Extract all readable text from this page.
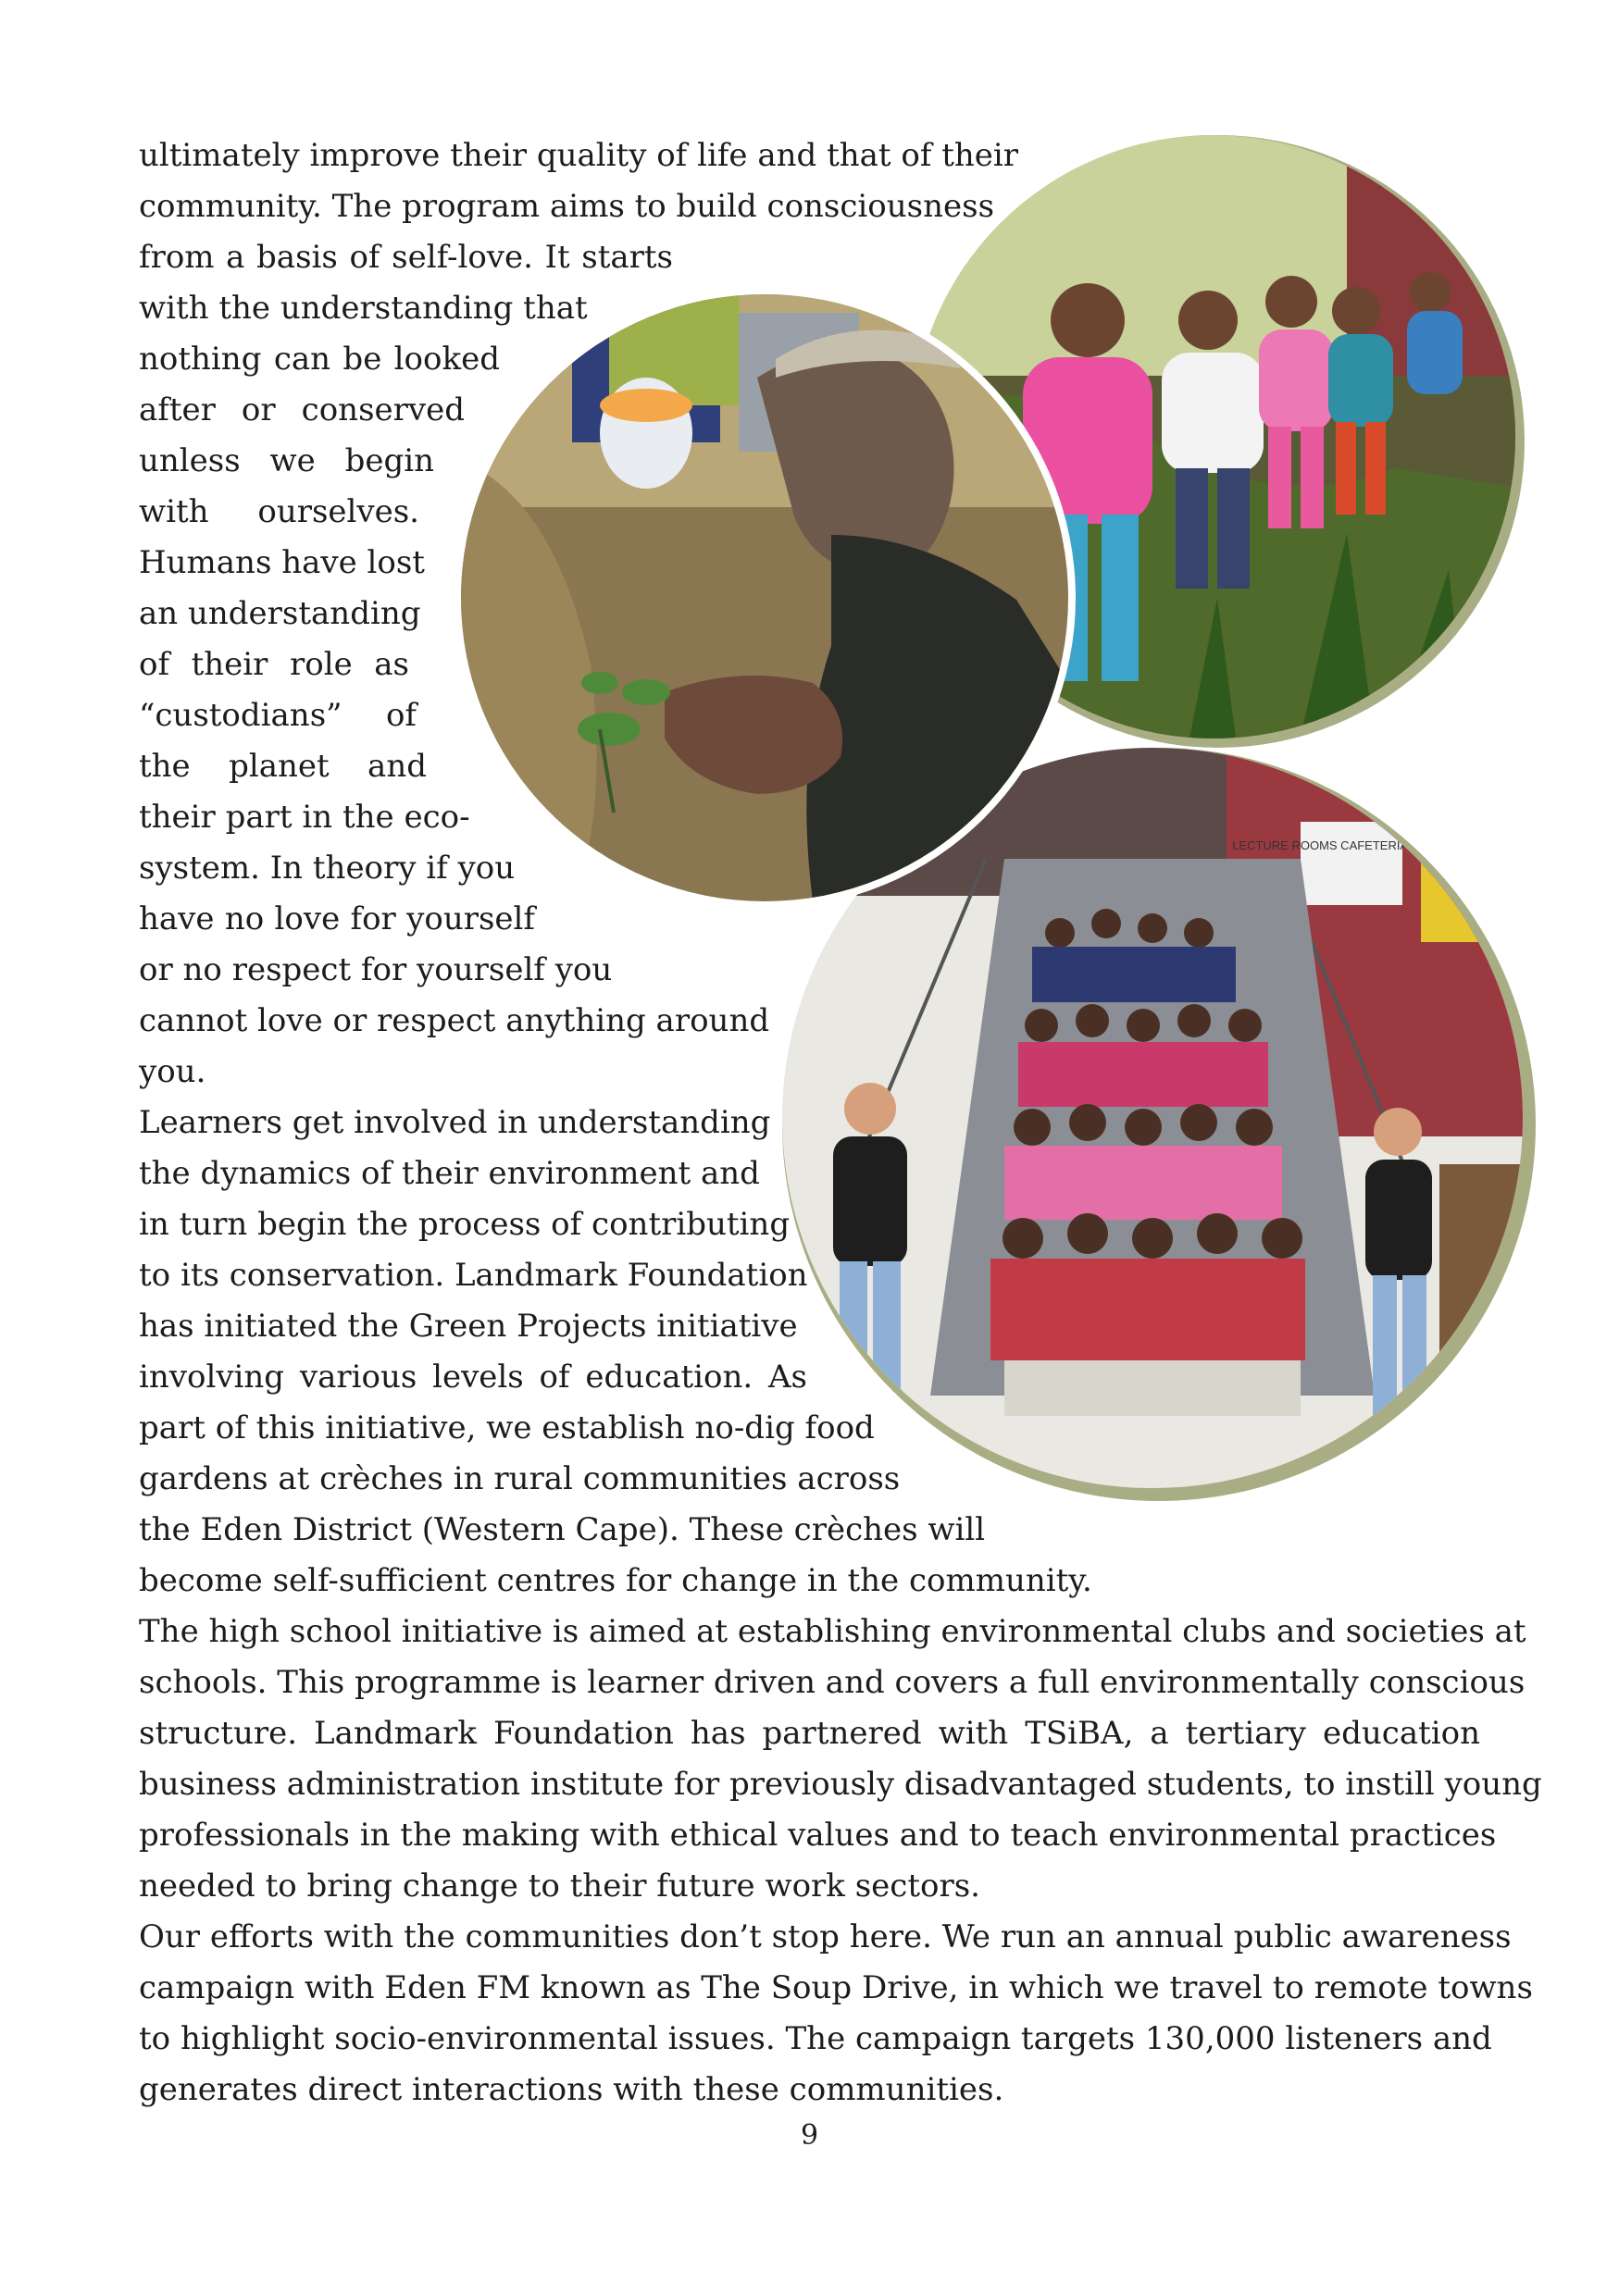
LECTURE ROOMS CAFETERIA & BAKERY
ultimately improve their quality of life and that of their
community. The program aims to build consciousness
from a basis of self-love. It starts
with the understanding that
nothing can be looked
after or conserved
unless we begin
with ourselves.
Humans have lost
an understanding
of their role as
“custodians” of
the planet and
their part in the eco-
system. In theory if you
have no love for yourself
or no respect for yourself you
cannot love or respect anything around
you.
Learners get involved in understanding
the dynamics of their environment and
in turn begin the process of contributing
to its conservation. Landmark Foundation
has initiated the Green Projects initiative
involving various levels of education. As
part of this initiative, we establish no-dig food
gardens at crèches in rural communities across
the Eden District (Western Cape). These crèches will
become self-sufficient centres for change in the community.
The high school initiative is aimed at establishing environmental clubs and societies at
schools. This programme is learner driven and covers a full environmentally conscious
structure. Landmark Foundation has partnered with TSiBA, a tertiary education
business administration institute for previously disadvantaged students, to instill young
professionals in the making with ethical values and to teach environmental practices
needed to bring change to their future work sectors.
Our efforts with the communities don’t stop here. We run an annual public awareness
campaign with Eden FM known as The Soup Drive, in which we travel to remote towns
to highlight socio-environmental issues. The campaign targets 130,000 listeners and
generates direct interactions with these communities.
9
